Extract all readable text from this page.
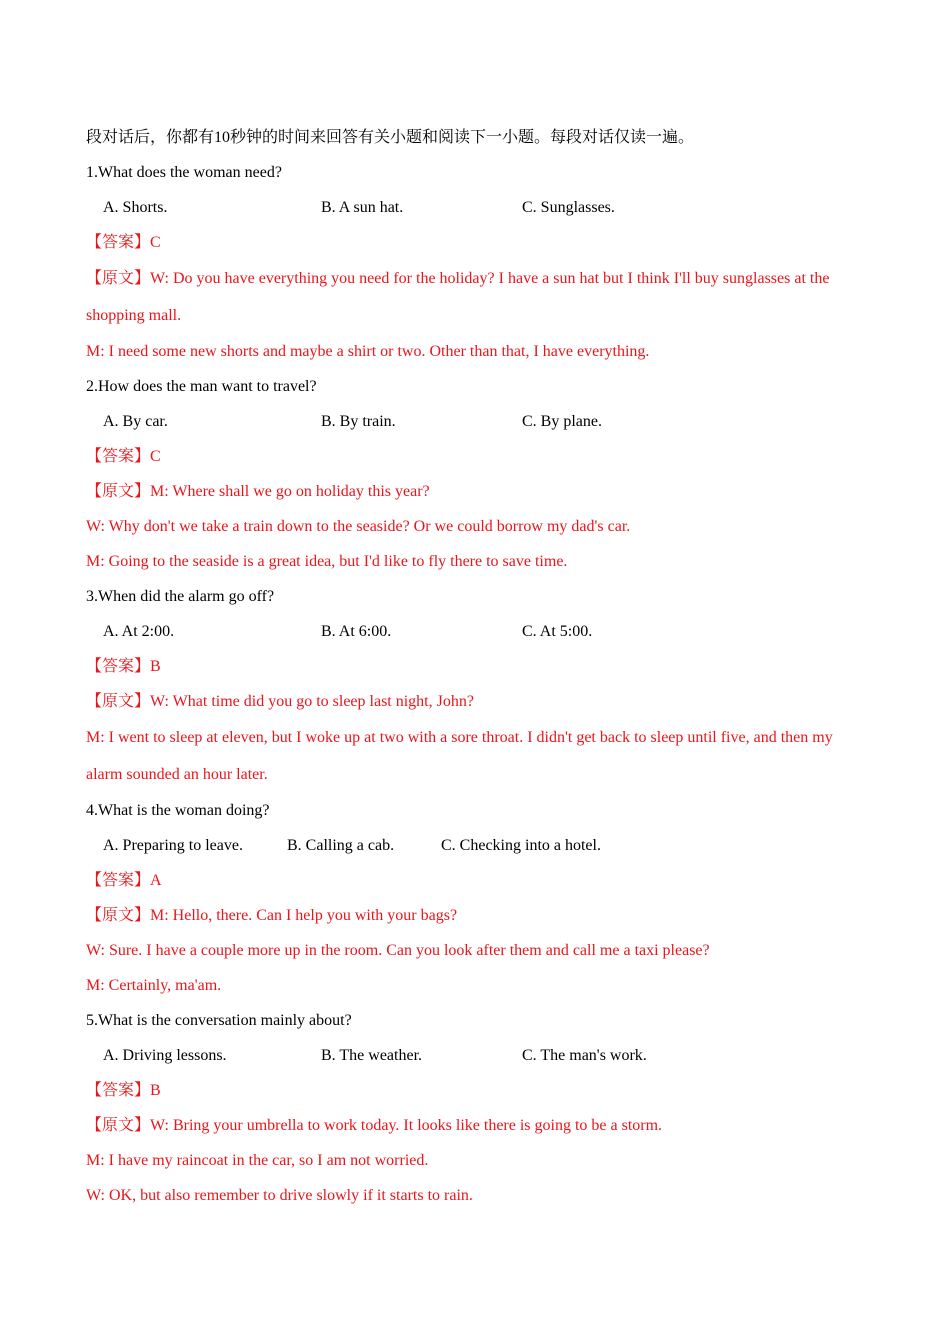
段对话后，你都有10秒钟的时间来回答有关小题和阅读下一小题。每段对话仅读一遍。
1.What does the woman need?
A. Shorts.	B. A sun hat.	C. Sunglasses.
【答案】C
【原文】W: Do you have everything you need for the holiday? I have a sun hat but I think I'll buy sunglasses at the shopping mall.
M: I need some new shorts and maybe a shirt or two. Other than that, I have everything.
2.How does the man want to travel?
A. By car.	B. By train.	C. By plane.
【答案】C
【原文】M: Where shall we go on holiday this year?
W: Why don't we take a train down to the seaside? Or we could borrow my dad's car.
M: Going to the seaside is a great idea, but I'd like to fly there to save time.
3.When did the alarm go off?
A. At 2:00.	B. At 6:00.	C. At 5:00.
【答案】B
【原文】W: What time did you go to sleep last night, John?
M: I went to sleep at eleven, but I woke up at two with a sore throat. I didn't get back to sleep until five, and then my alarm sounded an hour later.
4.What is the woman doing?
A. Preparing to leave.	B. Calling a cab.	C. Checking into a hotel.
【答案】A
【原文】M: Hello, there. Can I help you with your bags?
W: Sure. I have a couple more up in the room. Can you look after them and call me a taxi please?
M: Certainly, ma'am.
5.What is the conversation mainly about?
A. Driving lessons.	B. The weather.	C. The man's work.
【答案】B
【原文】W: Bring your umbrella to work today. It looks like there is going to be a storm.
M: I have my raincoat in the car, so I am not worried.
W: OK, but also remember to drive slowly if it starts to rain.
